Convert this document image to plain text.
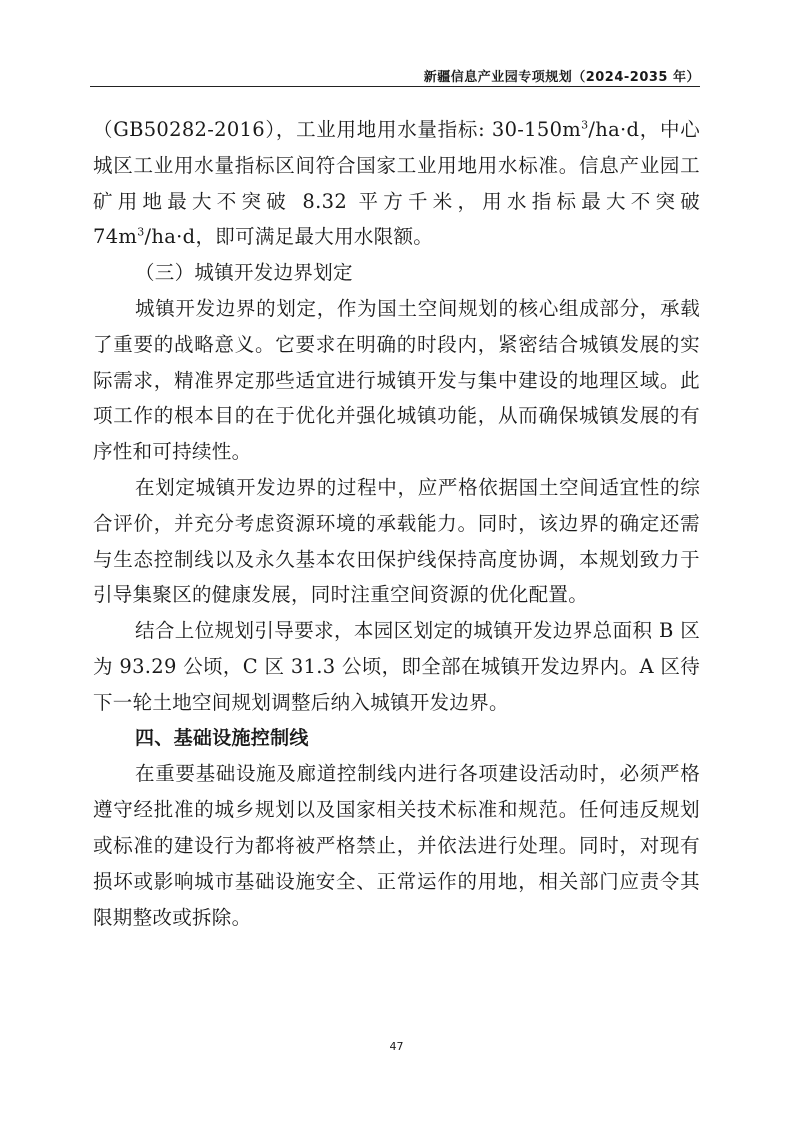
新疆信息产业园专项规划（2024-2035 年）

（GB50282-2016），工业用地用水量指标: $30-150m^3/ha\cdot d$，中心城区工业用水量指标区间符合国家工业用地用水标准。信息产业园工矿用地最大不突破 8.32 平方千米，用水指标最大不突破 $74m^3/ha\cdot d$，即可满足最大用水限额。

（三）城镇开发边界划定

城镇开发边界的划定，作为国土空间规划的核心组成部分，承载了重要的战略意义。它要求在明确的时段内，紧密结合城镇发展的实际需求，精准界定那些适宜进行城镇开发与集中建设的地理区域。此项工作的根本目的在于优化并强化城镇功能，从而确保城镇发展的有序性和可持续性。

在划定城镇开发边界的过程中，应严格依据国土空间适宜性的综合评价，并充分考虑资源环境的承载能力。同时，该边界的确定还需与生态控制线以及永久基本农田保护线保持高度协调，本规划致力于引导集聚区的健康发展，同时注重空间资源的优化配置。

结合上位规划引导要求，本园区划定的城镇开发边界总面积 B 区为 93.29 公顷，C 区 31.3 公顷，即全部在城镇开发边界内。A 区待下一轮土地空间规划调整后纳入城镇开发边界。

四、基础设施控制线

在重要基础设施及廊道控制线内进行各项建设活动时，必须严格遵守经批准的城乡规划以及国家相关技术标准和规范。任何违反规划或标准的建设行为都将被严格禁止，并依法进行处理。同时，对现有损坏或影响城市基础设施安全、正常运作的用地，相关部门应责令其限期整改或拆除。

47
